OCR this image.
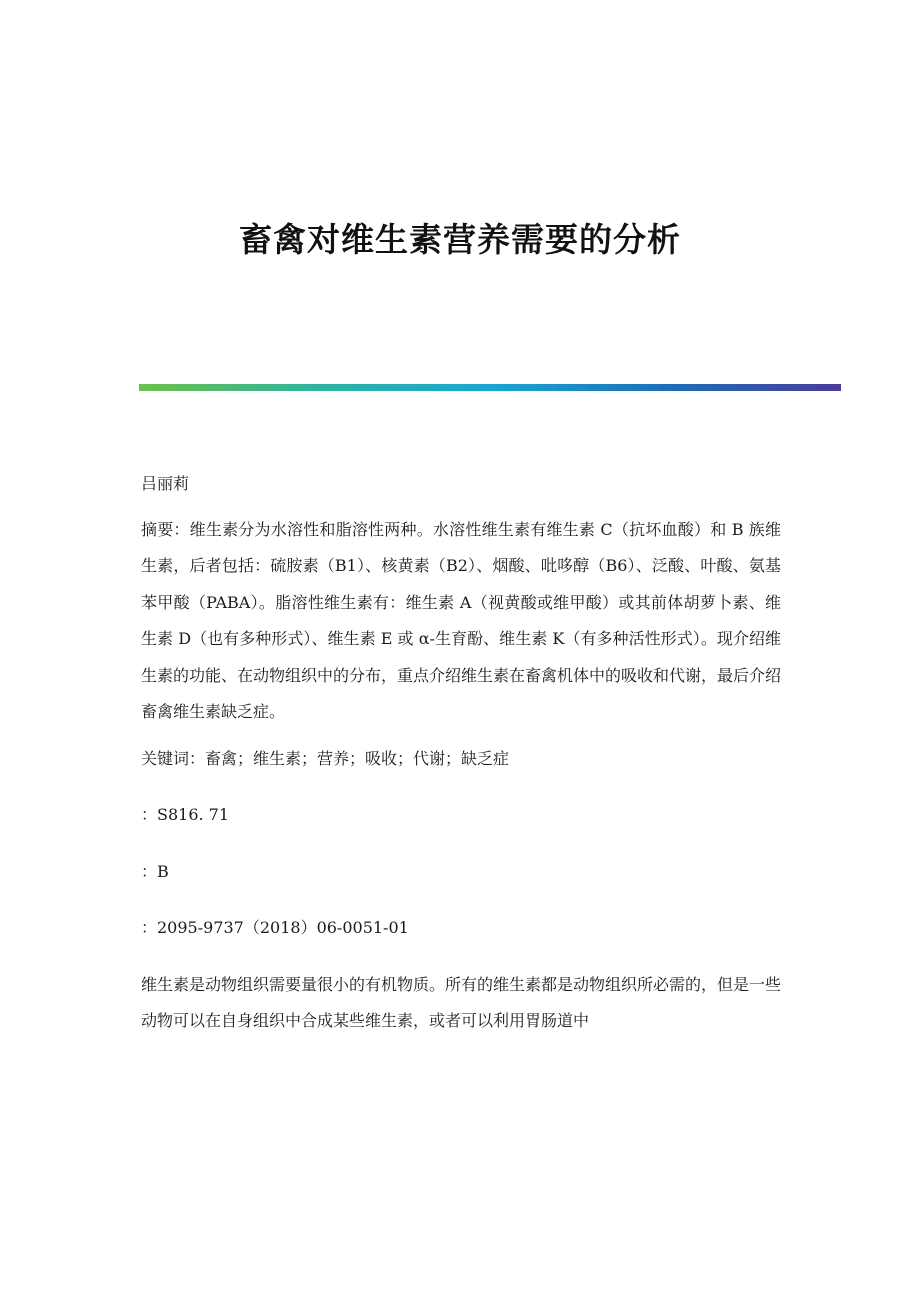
畜禽对维生素营养需要的分析

吕丽莉

摘要：维生素分为水溶性和脂溶性两种。水溶性维生素有维生素 C（抗坏血酸）和 B 族维生素，后者包括：硫胺素（B1）、核黄素（B2）、烟酸、吡哆醇（B6）、泛酸、叶酸、氨基苯甲酸（PABA）。脂溶性维生素有：维生素 A（视黄酸或维甲酸）或其前体胡萝卜素、维生素 D（也有多种形式）、维生素 E 或 α-生育酚、维生素 K（有多种活性形式）。现介绍维生素的功能、在动物组织中的分布，重点介绍维生素在畜禽机体中的吸收和代谢，最后介绍畜禽维生素缺乏症。

关键词：畜禽；维生素；营养；吸收；代谢；缺乏症

：S816. 71

：B

：2095-9737（2018）06-0051-01

维生素是动物组织需要量很小的有机物质。所有的维生素都是动物组织所必需的，但是一些动物可以在自身组织中合成某些维生素，或者可以利用胃肠道中
